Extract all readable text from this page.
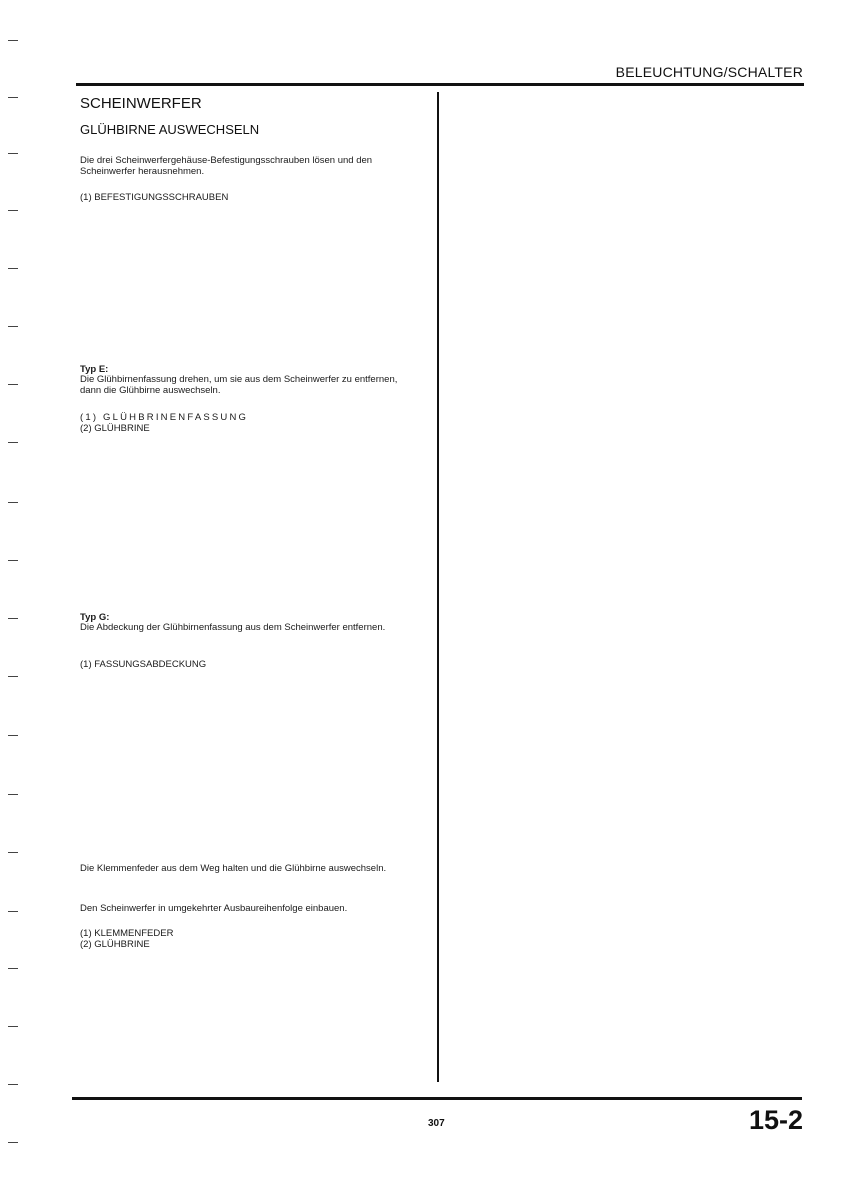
BELEUCHTUNG/SCHALTER
SCHEINWERFER
GLÜHBIRNE AUSWECHSELN
Die drei Scheinwerfergehäuse-Befestigungsschrauben lösen und den Scheinwerfer herausnehmen.
(1) BEFESTIGUNGSSCHRAUBEN
Typ E:
Die Glühbirnenfassung drehen, um sie aus dem Scheinwerfer zu entfernen, dann die Glühbirne auswechseln.
(1) GLÜHBRINENFASSUNG
(2) GLÜHBRINE
Typ G:
Die Abdeckung der Glühbirnenfassung aus dem Scheinwerfer entfernen.
(1) FASSUNGSABDECKUNG
Die Klemmenfeder aus dem Weg halten und die Glühbirne auswechseln.
Den Scheinwerfer in umgekehrter Ausbaureihenfolge einbauen.
(1) KLEMMENFEDER
(2) GLÜHBRINE
307	15-2
